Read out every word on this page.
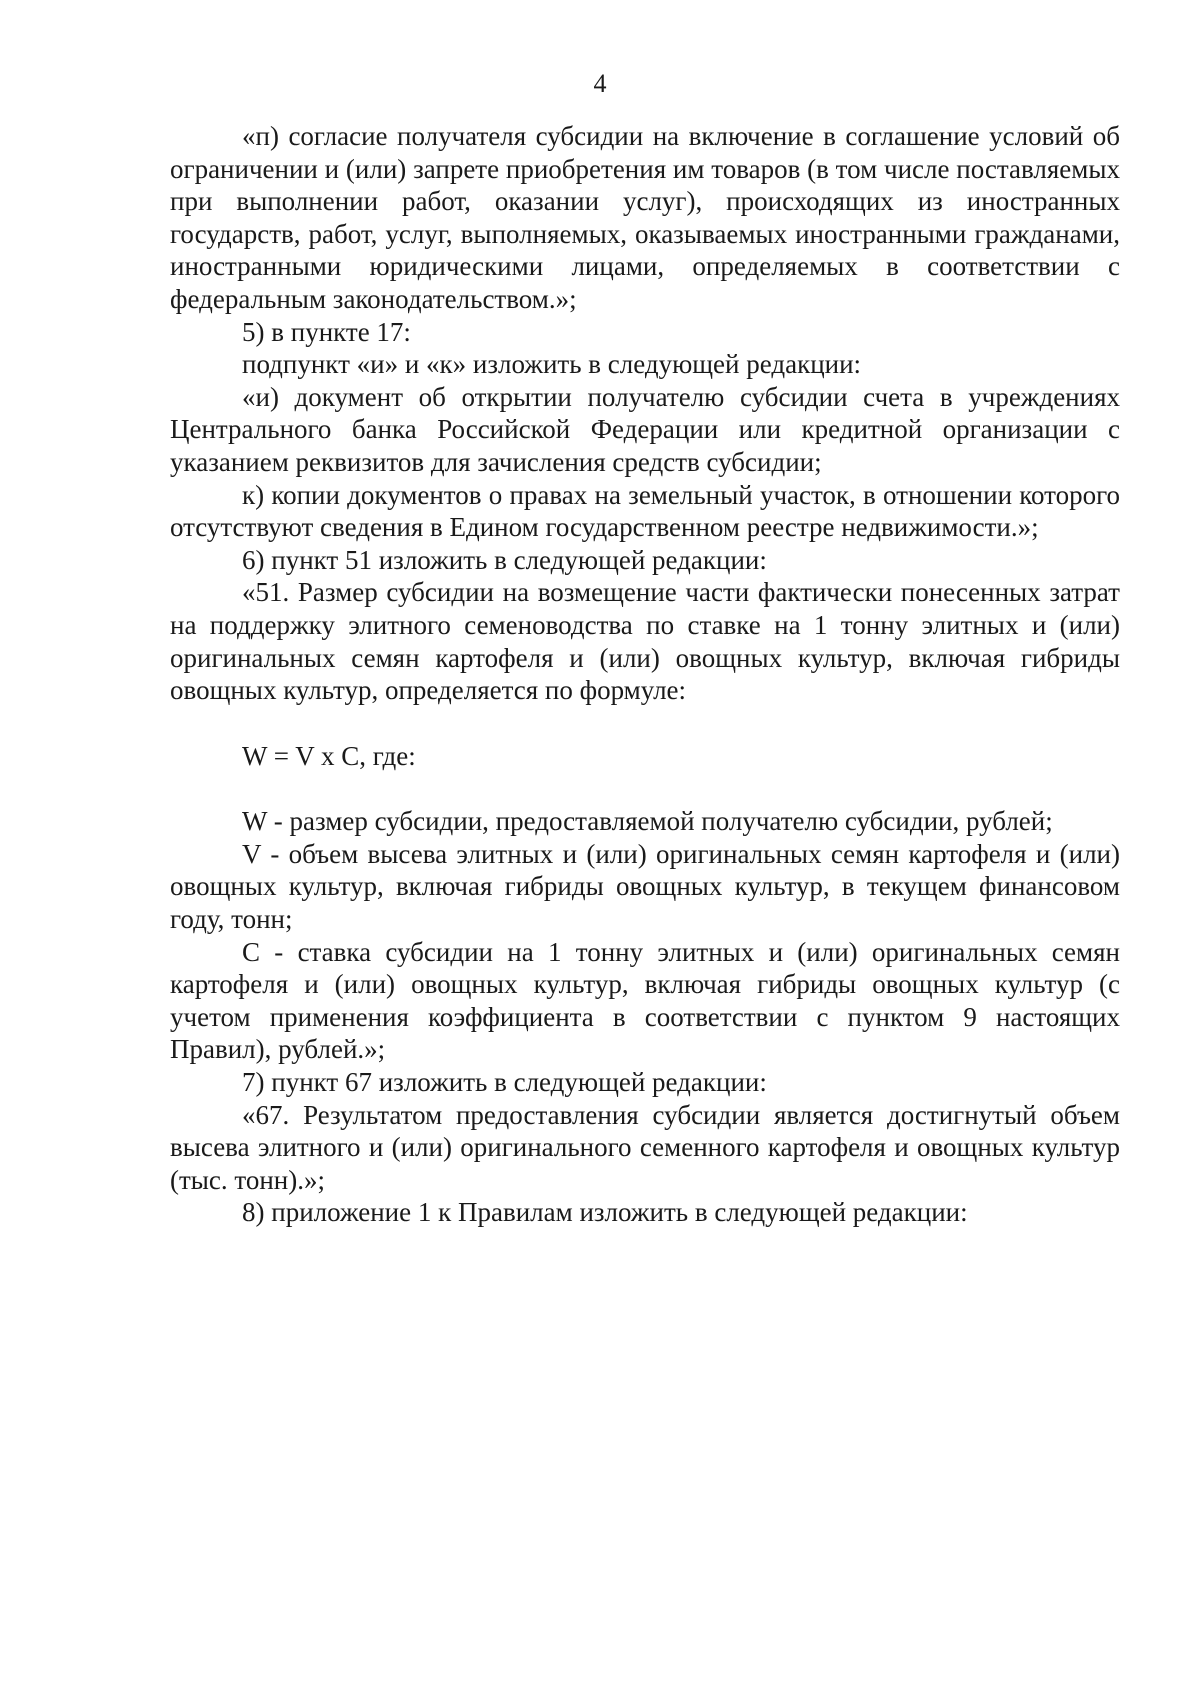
4

«п) согласие получателя субсидии на включение в соглашение условий об ограничении и (или) запрете приобретения им товаров (в том числе поставляемых при выполнении работ, оказании услуг), происходящих из иностранных государств, работ, услуг, выполняемых, оказываемых иностранными гражданами, иностранными юридическими лицами, определяемых в соответствии с федеральным законодательством.»;

5) в пункте 17:

подпункт «и» и «к» изложить в следующей редакции:

«и) документ об открытии получателю субсидии счета в учреждениях Центрального банка Российской Федерации или кредитной организации с указанием реквизитов для зачисления средств субсидии;

к) копии документов о правах на земельный участок, в отношении которого отсутствуют сведения в Едином государственном реестре недвижимости.»;

6) пункт 51 изложить в следующей редакции:

«51. Размер субсидии на возмещение части фактически понесенных затрат на поддержку элитного семеноводства по ставке на 1 тонну элитных и (или) оригинальных семян картофеля и (или) овощных культур, включая гибриды овощных культур, определяется по формуле:

W = V х С, где:

W - размер субсидии, предоставляемой получателю субсидии, рублей;

V - объем высева элитных и (или) оригинальных семян картофеля и (или) овощных культур, включая гибриды овощных культур, в текущем финансовом году, тонн;

С - ставка субсидии на 1 тонну элитных и (или) оригинальных семян картофеля и (или) овощных культур, включая гибриды овощных культур (с учетом применения коэффициента в соответствии с пунктом 9 настоящих Правил), рублей.»;

7) пункт 67 изложить в следующей редакции:

«67. Результатом предоставления субсидии является достигнутый объем высева элитного и (или) оригинального семенного картофеля и овощных культур (тыс. тонн).»;

8) приложение 1 к Правилам изложить в следующей редакции:
